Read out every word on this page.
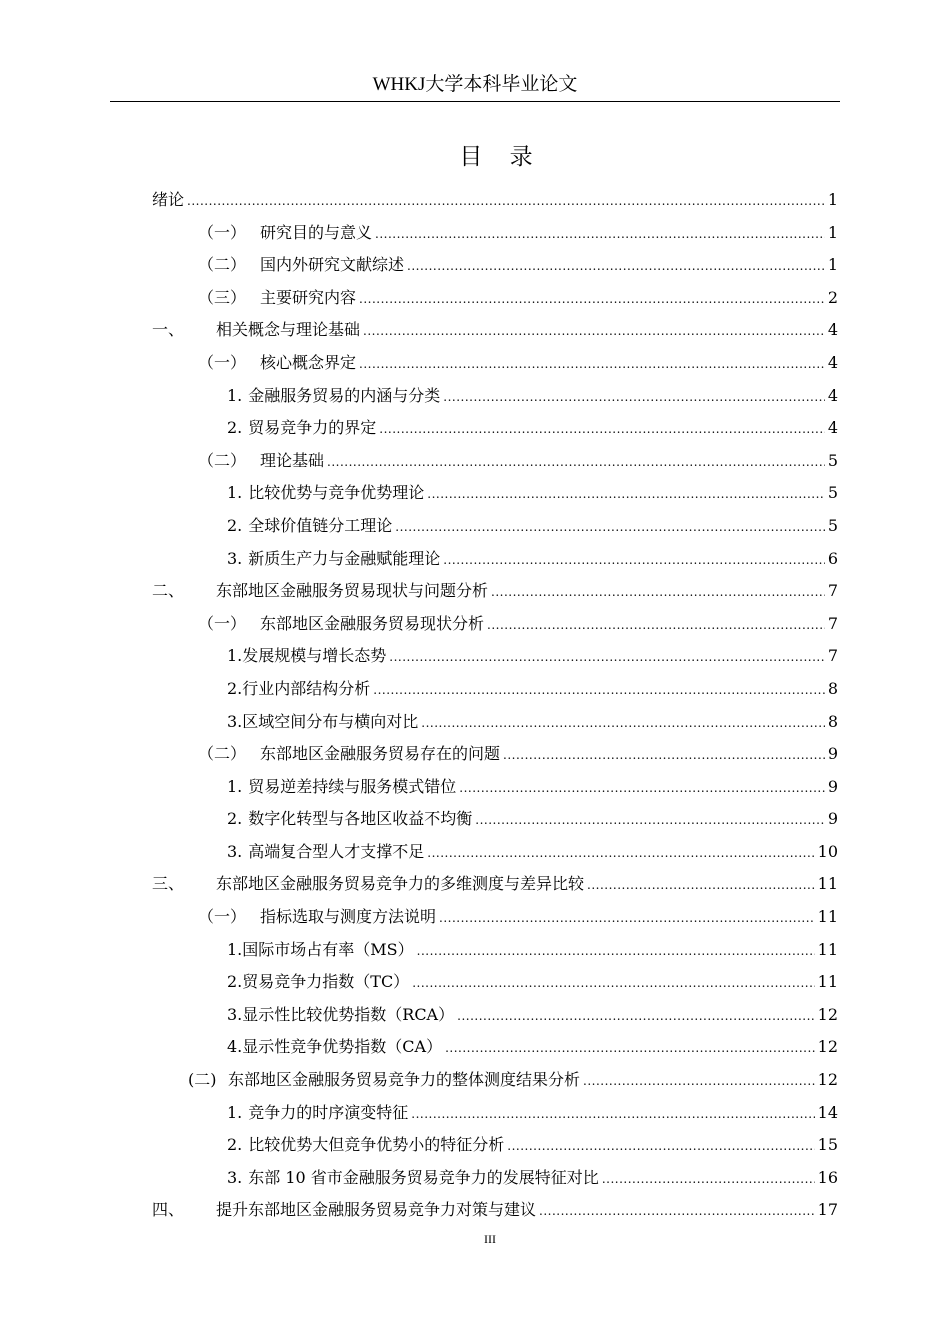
WHKJ大学本科毕业论文
目 录
绪论 .....	1
（一） 研究目的与意义 .....	1
（二） 国内外研究文献综述 .....	1
（三） 主要研究内容 .....	2
一、	相关概念与理论基础 .....	4
（一） 核心概念界定 .....	4
1. 金融服务贸易的内涵与分类 .....	4
2. 贸易竞争力的界定 .....	4
（二） 理论基础 .....	5
1. 比较优势与竞争优势理论 .....	5
2. 全球价值链分工理论 .....	5
3. 新质生产力与金融赋能理论 .....	6
二、	东部地区金融服务贸易现状与问题分析 .....	7
（一） 东部地区金融服务贸易现状分析 .....	7
1.发展规模与增长态势 .....	7
2.行业内部结构分析 .....	8
3.区域空间分布与横向对比 .....	8
（二） 东部地区金融服务贸易存在的问题 .....	9
1. 贸易逆差持续与服务模式错位 .....	9
2. 数字化转型与各地区收益不均衡 .....	9
3. 高端复合型人才支撑不足 .....	10
三、	东部地区金融服务贸易竞争力的多维测度与差异比较 .....	11
（一） 指标选取与测度方法说明 .....	11
1.国际市场占有率（MS） .....	11
2.贸易竞争力指数（TC） .....	11
3.显示性比较优势指数（RCA） .....	12
4.显示性竞争优势指数（CA） .....	12
(二) 东部地区金融服务贸易竞争力的整体测度结果分析 .....	12
1. 竞争力的时序演变特征 .....	14
2. 比较优势大但竞争优势小的特征分析 .....	15
3. 东部 10 省市金融服务贸易竞争力的发展特征对比 .....	16
四、	提升东部地区金融服务贸易竞争力对策与建议 .....	17
III
